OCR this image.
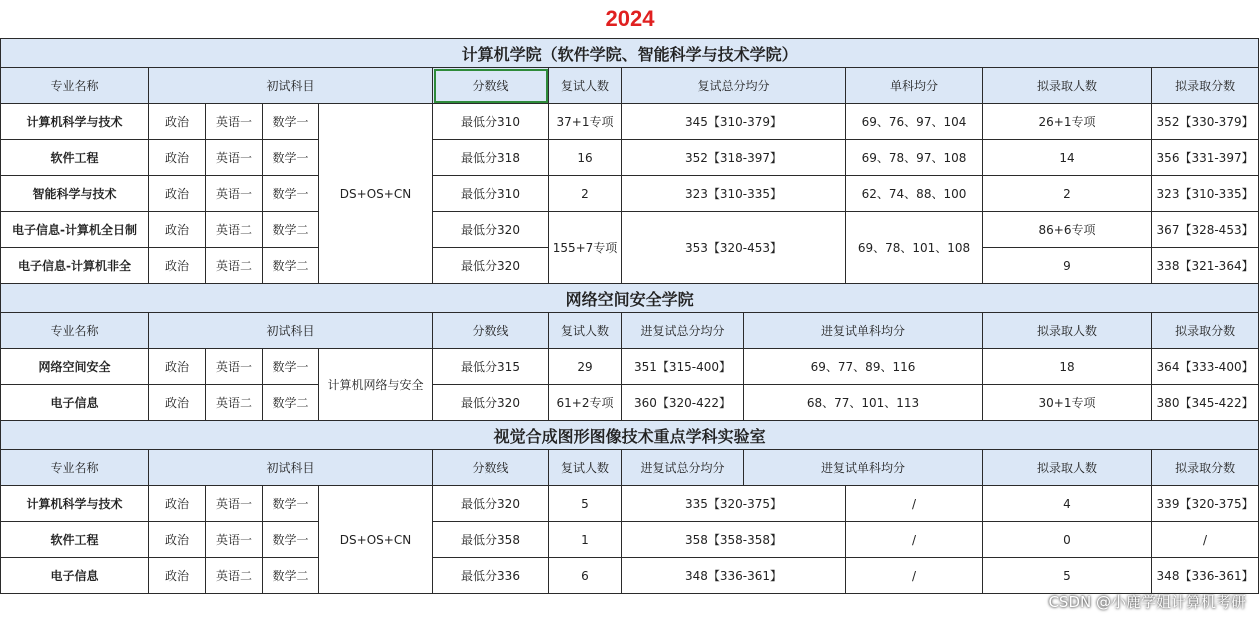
2024
计算机学院（软件学院、智能科学与技术学院）											
专业名称	初试科目				分数线	复试人数	复试总分均分		单科均分	拟录取人数	拟录取分数
计算机科学与技术	政治	英语一	数学一	DS+OS+CN	最低分310	37+1专项	345【310-379】		69、76、97、104	26+1专项	352【330-379】
软件工程	政治	英语一	数学一		最低分318	16	352【318-397】		69、78、97、108	14	356【331-397】
智能科学与技术	政治	英语一	数学一		最低分310	2	323【310-335】		62、74、88、100	2	323【310-335】
电子信息-计算机全日制	政治	英语二	数学二		最低分320	155+7专项	353【320-453】		69、78、101、108	86+6专项	367【328-453】
电子信息-计算机非全	政治	英语二	数学二		最低分320					9	338【321-364】
网络空间安全学院											
专业名称	初试科目				分数线	复试人数	进复试总分均分	进复试单科均分		拟录取人数	拟录取分数
网络空间安全	政治	英语一	数学一	计算机网络与安全	最低分315	29	351【315-400】	69、77、89、116		18	364【333-400】
电子信息	政治	英语二	数学二		最低分320	61+2专项	360【320-422】	68、77、101、113		30+1专项	380【345-422】
视觉合成图形图像技术重点学科实验室											
专业名称	初试科目				分数线	复试人数	进复试总分均分	进复试单科均分		拟录取人数	拟录取分数
计算机科学与技术	政治	英语一	数学一	DS+OS+CN	最低分320	5	335【320-375】		/	4	339【320-375】
软件工程	政治	英语一	数学一		最低分358	1	358【358-358】		/	0	/
电子信息	政治	英语二	数学二		最低分336	6	348【336-361】		/	5	348【336-361】
CSDN @小鹿学姐计算机考研
